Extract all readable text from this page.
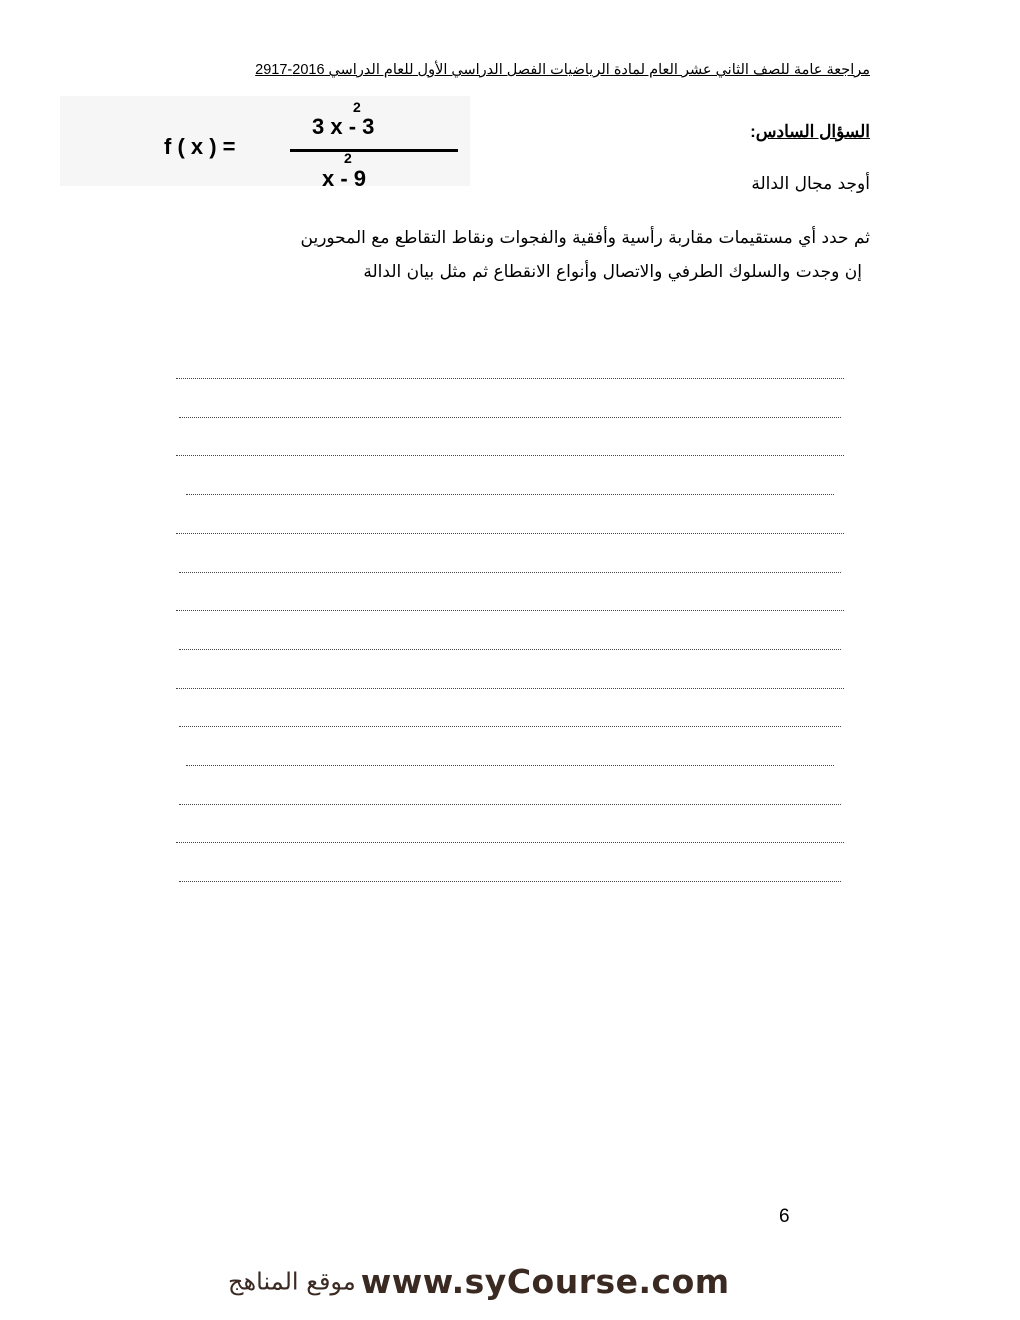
مراجعة عامة للصف الثاني عشر العام لمادة الرياضيات الفصل الدراسي الأول للعام الدراسي 2016-2917
f ( x ) =
2
3 x - 3
2
x - 9
السؤال السادس:
أوجد مجال الدالة
ثم حدد أي مستقيمات مقاربة رأسية وأفقية والفجوات ونقاط التقاطع مع المحورين
إن وجدت والسلوك الطرفي والاتصال وأنواع الانقطاع ثم مثل بيان الدالة
6
موقع المناهج www.syCourse.com
